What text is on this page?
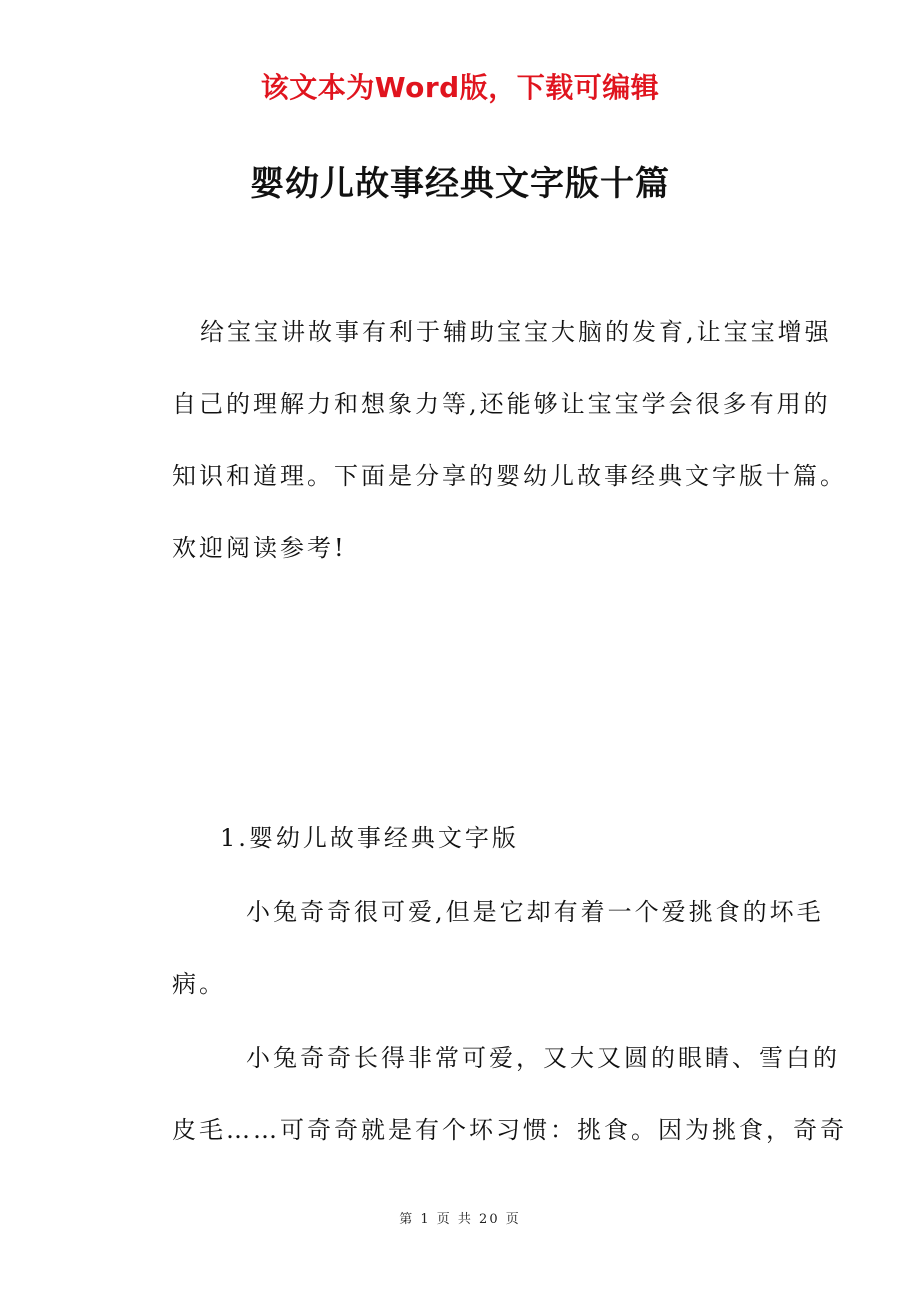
该文本为Word版，下载可编辑
婴幼儿故事经典文字版十篇
给宝宝讲故事有利于辅助宝宝大脑的发育,让宝宝增强
自己的理解力和想象力等,还能够让宝宝学会很多有用的
知识和道理。下面是分享的婴幼儿故事经典文字版十篇。
欢迎阅读参考!
1.婴幼儿故事经典文字版
小兔奇奇很可爱,但是它却有着一个爱挑食的坏毛
病。
小兔奇奇长得非常可爱，又大又圆的眼睛、雪白的
皮毛……可奇奇就是有个坏习惯：挑食。因为挑食，奇奇
第 1 页 共 20 页
